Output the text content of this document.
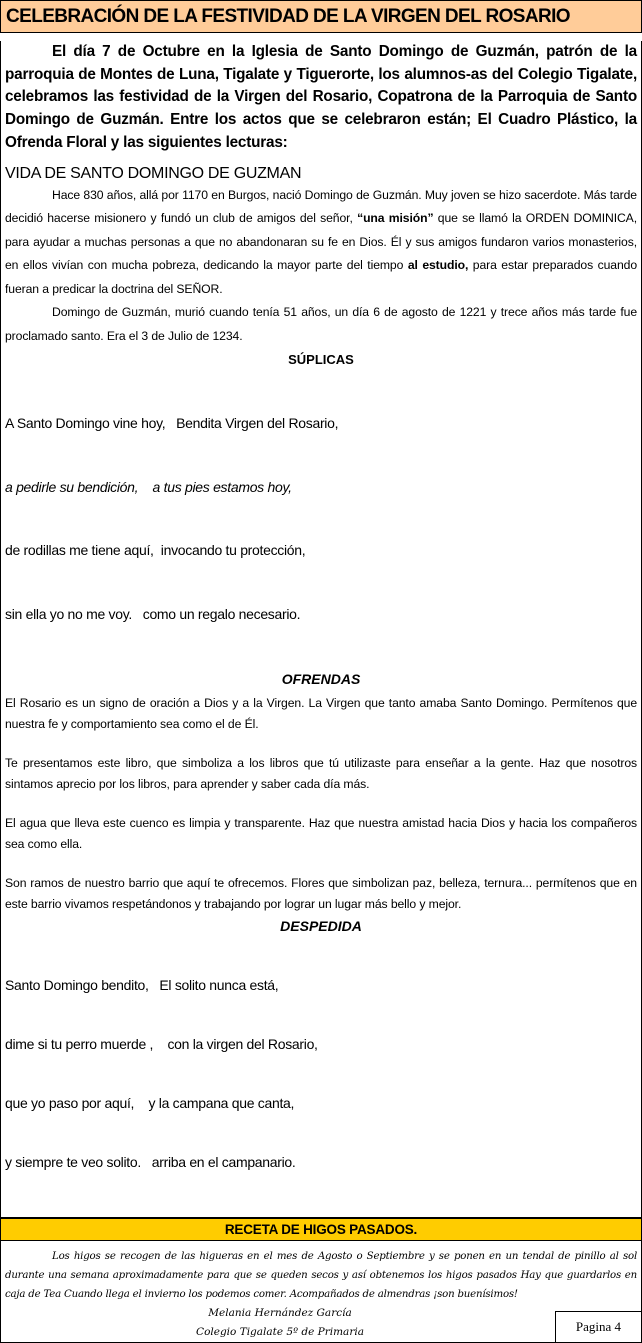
CELEBRACIÓN DE LA FESTIVIDAD DE LA VIRGEN DEL ROSARIO
El día 7 de Octubre en la Iglesia de Santo Domingo de Guzmán, patrón de la parroquia de Montes de Luna, Tigalate y Tiguerorte, los alumnos-as del Colegio Tigalate, celebramos las festividad de la Virgen del Rosario, Copatrona de la Parroquia de Santo Domingo de Guzmán. Entre los actos que se celebraron están; El Cuadro Plástico, la Ofrenda Floral y las siguientes lecturas:
VIDA DE SANTO DOMINGO DE GUZMAN

Hace 830 años, allá por 1170 en Burgos, nació Domingo de Guzmán. Muy joven se hizo sacerdote. Más tarde decidió hacerse misionero y fundó un club de amigos del señor, “una misión” que se llamó la ORDEN DOMINICA, para ayudar a muchas personas a que no abandonaran su fe en Dios. Él y sus amigos fundaron varios monasterios, en ellos vivían con mucha pobreza, dedicando la mayor parte del tiempo al estudio, para estar preparados cuando fueran a predicar la doctrina del SEÑOR.

Domingo de Guzmán, murió cuando tenía 51 años, un día 6 de agosto de 1221 y trece años más tarde fue proclamado santo. Era el 3 de Julio de 1234.

SÚPLICAS

A Santo Domingo vine hoy,   Bendita Virgen del Rosario,

a pedirle su bendición,    a tus pies estamos hoy,

de rodillas me tiene aquí,  invocando tu protección,

sin ella yo no me voy.   como un regalo necesario.

OFRENDAS

El Rosario es un signo de oración a Dios y a la Virgen. La Virgen que tanto amaba Santo Domingo. Permítenos que nuestra fe y comportamiento sea como el de Él.

Te presentamos este libro, que simboliza a los libros que tú utilizaste para enseñar a la gente. Haz que nosotros sintamos aprecio por los libros, para aprender y saber cada día más.

El agua que lleva este cuenco es limpia y transparente. Haz que nuestra amistad hacia Dios y hacia los compañeros sea como ella.

Son ramos de nuestro barrio que aquí te ofrecemos. Flores que simbolizan paz, belleza, ternura... permítenos que en este barrio vivamos respetándonos y trabajando por lograr un lugar más bello y mejor.

DESPEDIDA

Santo Domingo bendito,   El solito nunca está,

dime si tu perro muerde ,    con la virgen del Rosario,

que yo paso por aquí,    y la campana que canta,

y siempre te veo solito.   arriba en el campanario.

RECETA DE HIGOS PASADOS.
Los higos se recogen de las higueras en el mes de Agosto o Septiembre y se ponen en un tendal de pinillo al sol durante una semana aproximadamente para que se queden secos y así obtenemos los higos pasados Hay que guardarlos en caja de Tea Cuando llega el invierno los podemos comer. Acompañados de almendras ¡son buenísimos!
Melania Hernández García
Colegio Tigalate 5º de Primaria	Pagina 4
